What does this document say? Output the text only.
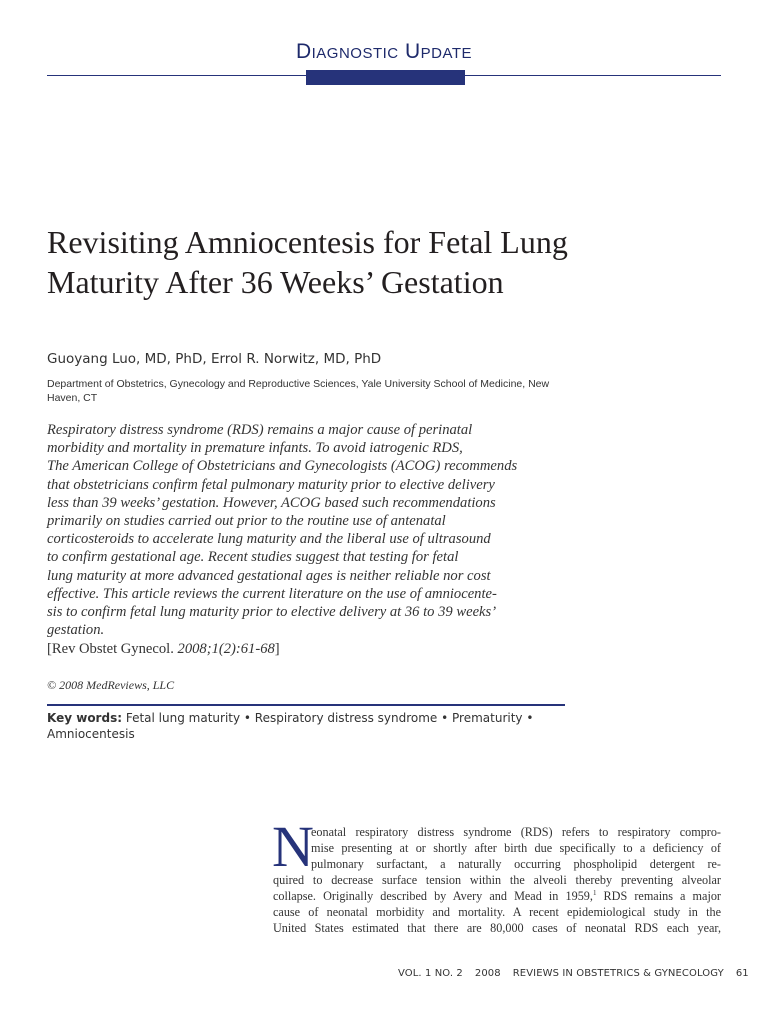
Diagnostic Update
Revisiting Amniocentesis for Fetal Lung Maturity After 36 Weeks’ Gestation
Guoyang Luo, MD, PhD, Errol R. Norwitz, MD, PhD
Department of Obstetrics, Gynecology and Reproductive Sciences, Yale University School of Medicine, New Haven, CT
Respiratory distress syndrome (RDS) remains a major cause of perinatal
morbidity and mortality in premature infants. To avoid iatrogenic RDS,
The American College of Obstetricians and Gynecologists (ACOG) recommends
that obstetricians confirm fetal pulmonary maturity prior to elective delivery
less than 39 weeks’ gestation. However, ACOG based such recommendations
primarily on studies carried out prior to the routine use of antenatal
corticosteroids to accelerate lung maturity and the liberal use of ultrasound
to confirm gestational age. Recent studies suggest that testing for fetal
lung maturity at more advanced gestational ages is neither reliable nor cost
effective. This article reviews the current literature on the use of amniocente-
sis to confirm fetal lung maturity prior to elective delivery at 36 to 39 weeks’
gestation.
[Rev Obstet Gynecol. 2008;1(2):61-68]
© 2008 MedReviews, LLC
Key words: Fetal lung maturity • Respiratory distress syndrome • Prematurity • Amniocentesis
N
eonatal respiratory distress syndrome (RDS) refers to respiratory compro-
mise presenting at or shortly after birth due specifically to a deficiency of
pulmonary surfactant, a naturally occurring phospholipid detergent re-
quired to decrease surface tension within the alveoli thereby preventing alveolar
collapse. Originally described by Avery and Mead in 1959,$^1$ RDS remains a major
cause of neonatal morbidity and mortality. A recent epidemiological study in the
United States estimated that there are 80,000 cases of neonatal RDS each year,
VOL. 1 NO. 2 2008 REVIEWS IN OBSTETRICS & GYNECOLOGY 61
